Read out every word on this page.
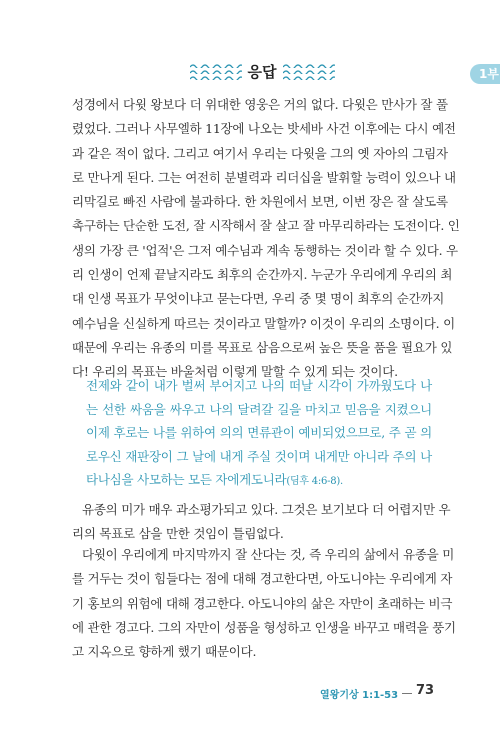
응답	1부
성경에서 다윗 왕보다 더 위대한 영웅은 거의 없다. 다윗은 만사가 잘 풀
렸었다. 그러나 사무엘하 11장에 나오는 밧세바 사건 이후에는 다시 예전
과 같은 적이 없다. 그리고 여기서 우리는 다윗을 그의 옛 자아의 그림자
로 만나게 된다. 그는 여전히 분별력과 리더십을 발휘할 능력이 있으나 내
리막길로 빠진 사람에 불과하다. 한 차원에서 보면, 이번 장은 잘 살도록
촉구하는 단순한 도전, 잘 시작해서 잘 살고 잘 마무리하라는 도전이다. 인
생의 가장 큰 '업적'은 그저 예수님과 계속 동행하는 것이라 할 수 있다. 우
리 인생이 언제 끝날지라도 최후의 순간까지. 누군가 우리에게 우리의 최
대 인생 목표가 무엇이냐고 묻는다면, 우리 중 몇 명이 최후의 순간까지
예수님을 신실하게 따르는 것이라고 말할까? 이것이 우리의 소명이다. 이
때문에 우리는 유종의 미를 목표로 삼음으로써 높은 뜻을 품을 필요가 있
다! 우리의 목표는 바울처럼 이렇게 말할 수 있게 되는 것이다.
전제와 같이 내가 벌써 부어지고 나의 떠날 시각이 가까웠도다 나
는 선한 싸움을 싸우고 나의 달려갈 길을 마치고 믿음을 지켰으니
이제 후로는 나를 위하여 의의 면류관이 예비되었으므로, 주 곧 의
로우신 재판장이 그 날에 내게 주실 것이며 내게만 아니라 주의 나
타나심을 사모하는 모든 자에게도니라(딤후 4:6-8).
유종의 미가 매우 과소평가되고 있다. 그것은 보기보다 더 어렵지만 우
리의 목표로 삼을 만한 것임이 틀림없다.
다윗이 우리에게 마지막까지 잘 산다는 것, 즉 우리의 삶에서 유종을 미
를 거두는 것이 힘들다는 점에 대해 경고한다면, 아도니야는 우리에게 자
기 홍보의 위험에 대해 경고한다. 아도니야의 삶은 자만이 초래하는 비극
에 관한 경고다. 그의 자만이 성품을 형성하고 인생을 바꾸고 매력을 풍기
고 지옥으로 향하게 했기 때문이다.
열왕기상 1:1-53 73
